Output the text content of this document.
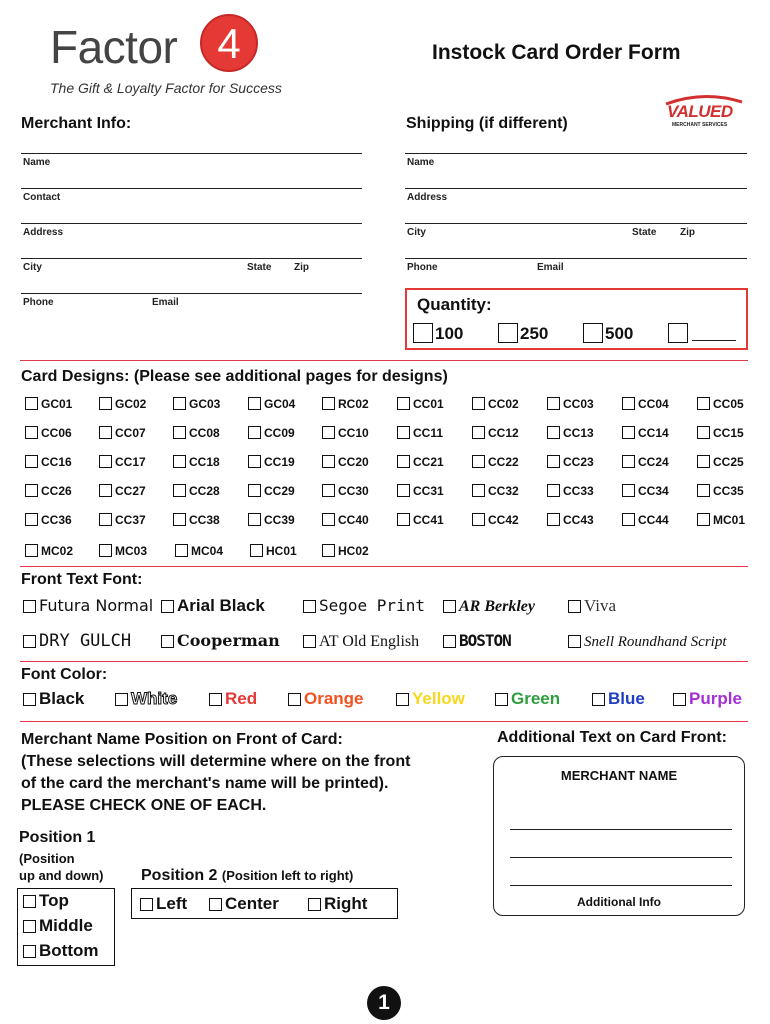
Factor 4
The Gift & Loyalty Factor for Success
Instock Card Order Form
VALUED
MERCHANT SERVICES
Merchant Info:
Name
Contact
Address
City	State Zip
Phone	Email
Shipping (if different)
Name
Address
City	State Zip
Phone	Email
Quantity:
100	250	500
Card Designs: (Please see additional pages for designs)
GC01	GC02	GC03	GC04	RC02	CC01	CC02	CC03	CC04	CC05
CC06	CC07	CC08	CC09	CC10	CC11	CC12	CC13	CC14	CC15
CC16	CC17	CC18	CC19	CC20	CC21	CC22	CC23	CC24	CC25
CC26	CC27	CC28	CC29	CC30	CC31	CC32	CC33	CC34	CC35
CC36	CC37	CC38	CC39	CC40	CC41	CC42	CC43	CC44	MC01
MC02	MC03	MC04	HC01	HC02
Front Text Font:
Futura Normal	Arial Black	Segoe Print	AR Berkley	Viva
DRY GULCH	Cooperman	AT Old English	BOSTON	Snell Roundhand Script
Font Color:
Black	White	Red	Orange	Yellow	Green	Blue	Purple
Merchant Name Position on Front of Card:
(These selections will determine where on the front
of the card the merchant's name will be printed).
PLEASE CHECK ONE OF EACH.
Position 1
(Position
up and down)
Top
Middle
Bottom
Position 2 (Position left to right)
Left	Center	Right
Additional Text on Card Front:
MERCHANT NAME
Additional Info
1
